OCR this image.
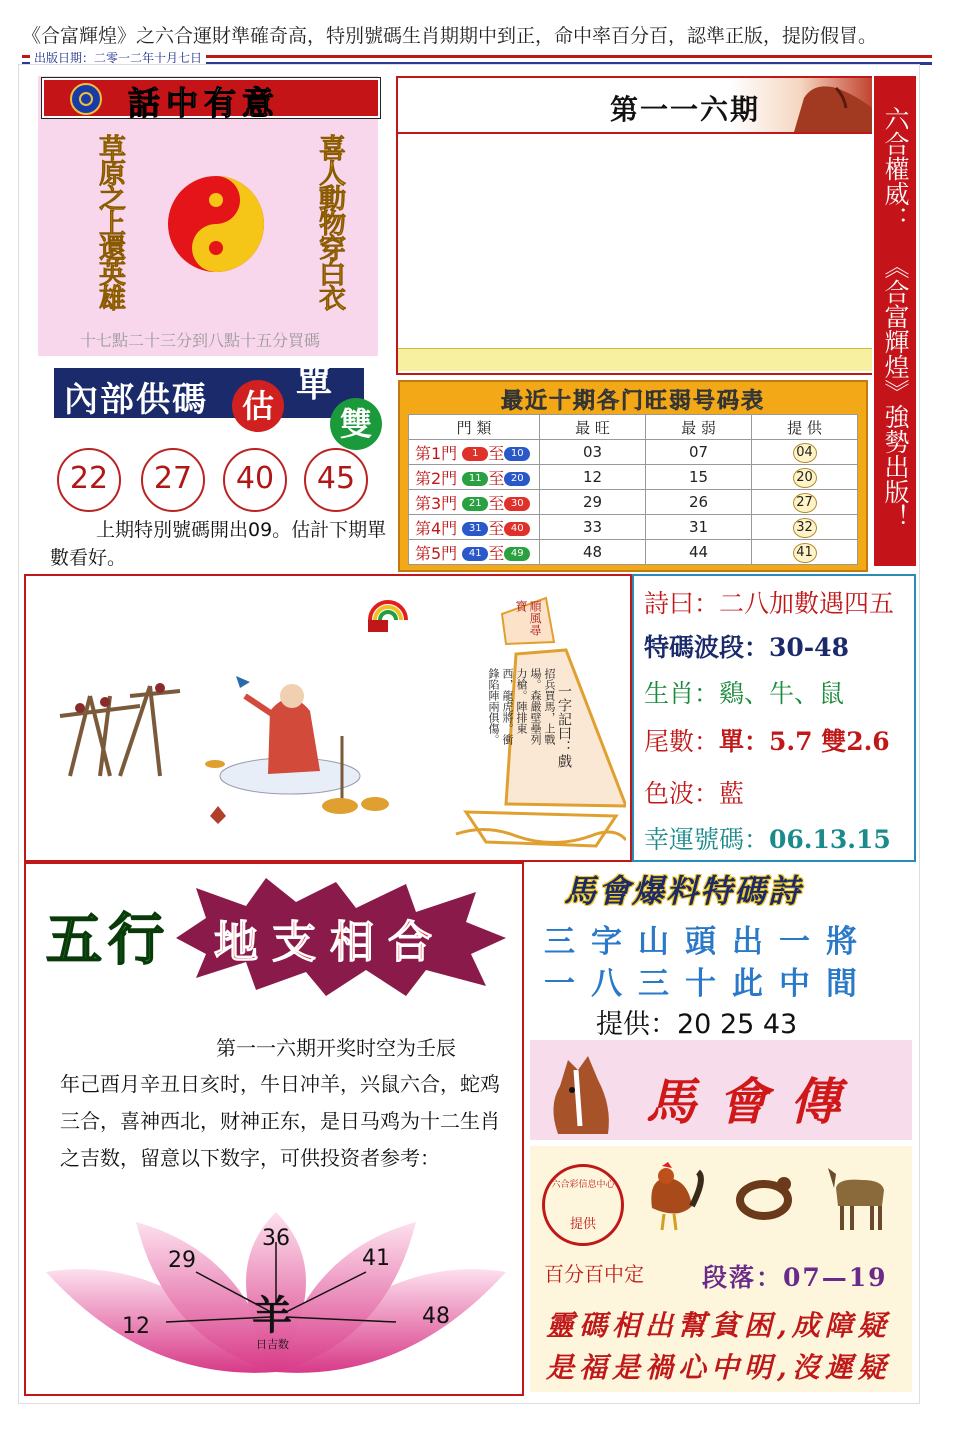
《合富輝煌》之六合運財準確奇高，特別號碼生肖期期中到正，命中率百分百，認準正版，提防假冒。
出版日期：二零一二年十月七日
話中有意
草原之上還英雄	喜人動物穿白衣
十七點二十三分到八點十五分買碼
第一一六期	六合權威：
《合富輝煌》強勢出版！
內部供碼	估
單
雙
22	27	40	45
上期特別號碼開出09。估計下期單數看好。
最近十期各门旺弱号码表
門 類	最 旺	最 弱	提 供
第1門 1 至 10	03	07	04
第2門 11 至 20	12	15	20
第3門 21 至 30	29	26	27
第4門 31 至 40	33	31	32
第5門 41 至 49	48	44	41
順風尋寶
一字記曰：戲
招兵買馬，上戰場。森嚴壁壘列力槍。陣排東西，龍虎將。衝鋒陷陣兩俱傷。
詩曰：二八加數遇四五
特碼波段：30-48
生肖：鷄、牛、鼠
尾數：單：5.7 雙2.6
色波：藍
幸運號碼：06.13.15
五行 地支相合
第一一六期开奖时空为壬辰
年己酉月辛丑日亥时，牛日冲羊，兴鼠六合，蛇鸡三合，喜神西北，财神正东，是日马鸡为十二生肖之吉数，留意以下数字，可供投资者参考：
12
29
36
41
48
羊
日吉数
馬會爆料特碼詩
三字山頭出一將
一八三十此中間
提供：20 25 43
馬會傳
六合彩信息中心
提供
百分百中定 段落：07—19
靈碼相出幫貧困,成障疑
是福是禍心中明,沒遲疑
